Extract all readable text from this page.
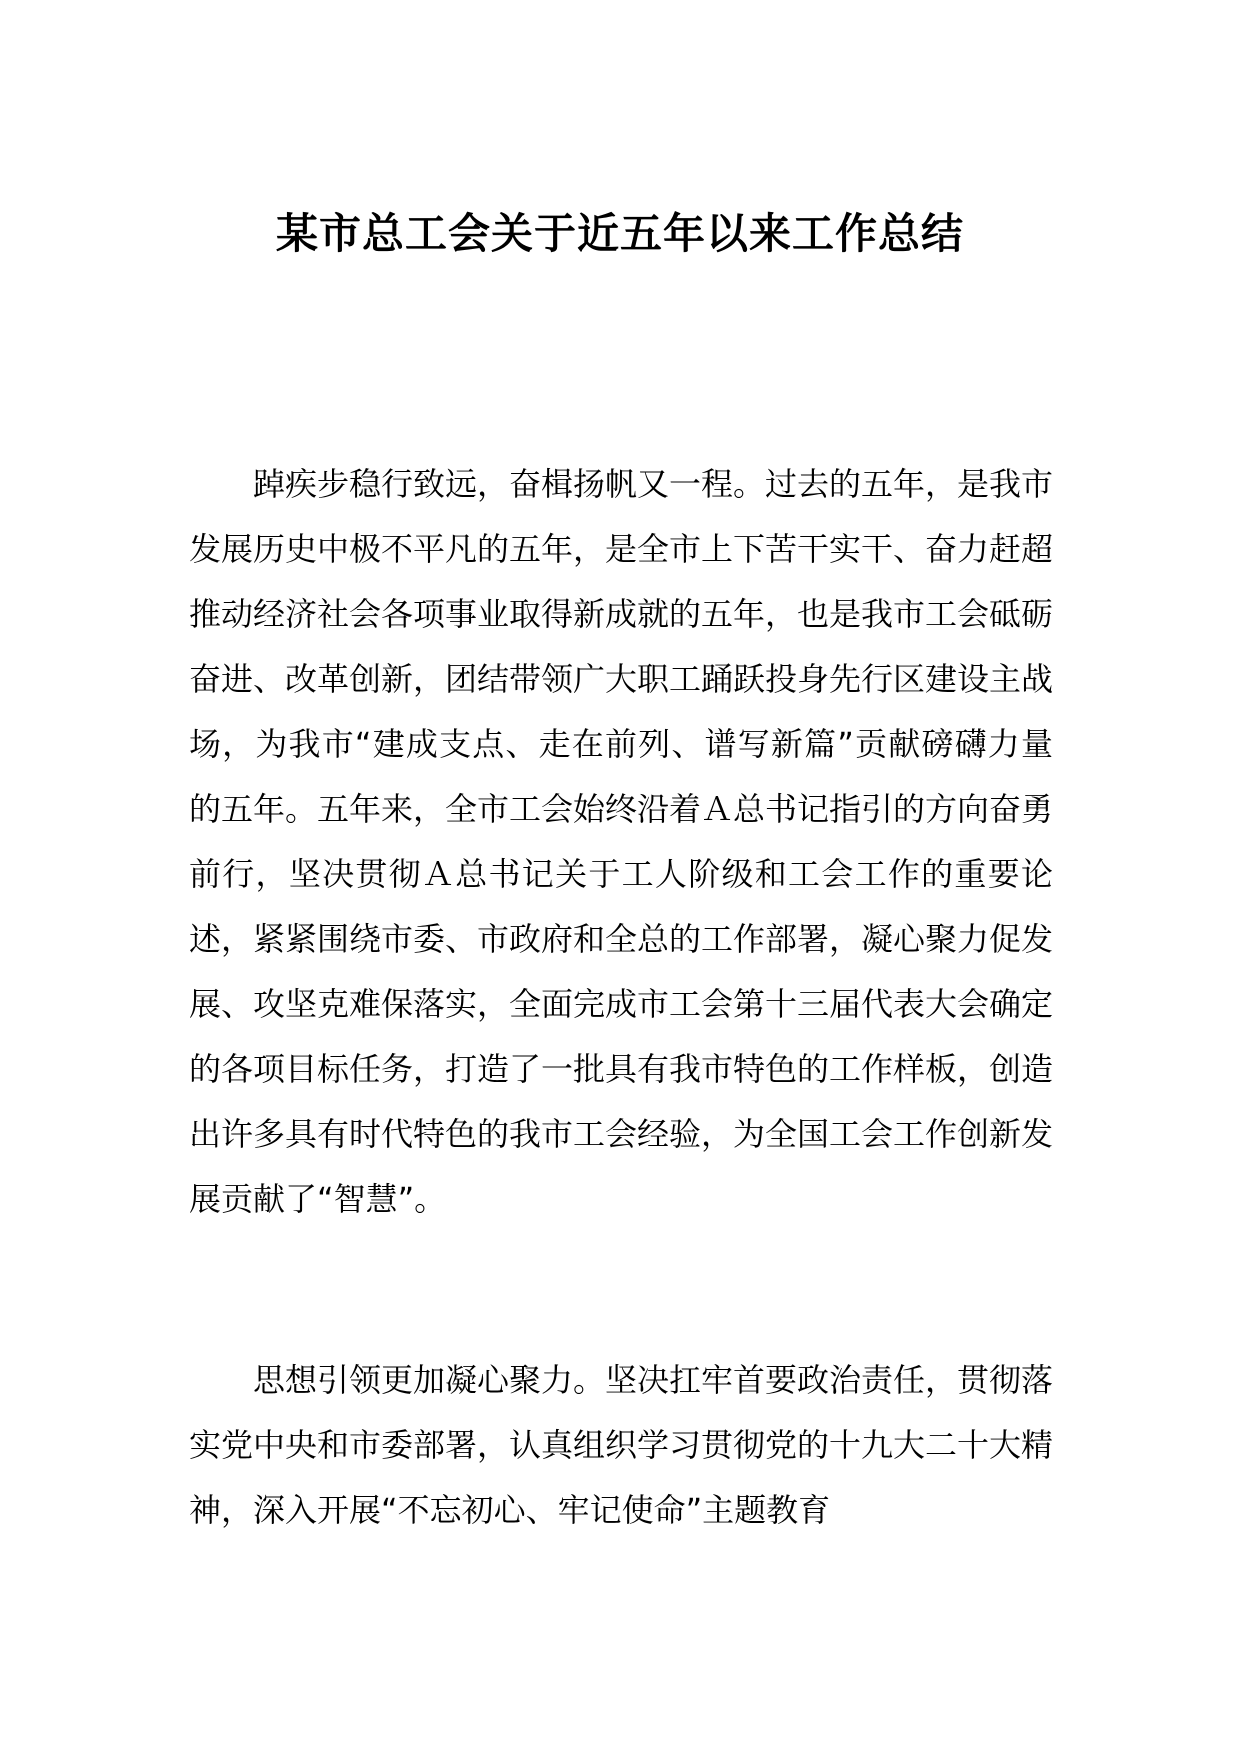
某市总工会关于近五年以来工作总结

踔疾步稳行致远，奋楫扬帆又一程。过去的五年，是我市发展历史中极不平凡的五年，是全市上下苦干实干、奋力赶超推动经济社会各项事业取得新成就的五年，也是我市工会砥砺奋进、改革创新，团结带领广大职工踊跃投身先行区建设主战场，为我市“建成支点、走在前列、谱写新篇”贡献磅礴力量的五年。五年来，全市工会始终沿着Ａ总书记指引的方向奋勇前行，坚决贯彻Ａ总书记关于工人阶级和工会工作的重要论述，紧紧围绕市委、市政府和全总的工作部署，凝心聚力促发展、攻坚克难保落实，全面完成市工会第十三届代表大会确定的各项目标任务，打造了一批具有我市特色的工作样板，创造出许多具有时代特色的我市工会经验，为全国工会工作创新发展贡献了“智慧”。

思想引领更加凝心聚力。坚决扛牢首要政治责任，贯彻落实党中央和市委部署，认真组织学习贯彻党的十九大二十大精神，深入开展“不忘初心、牢记使命”主题教育
